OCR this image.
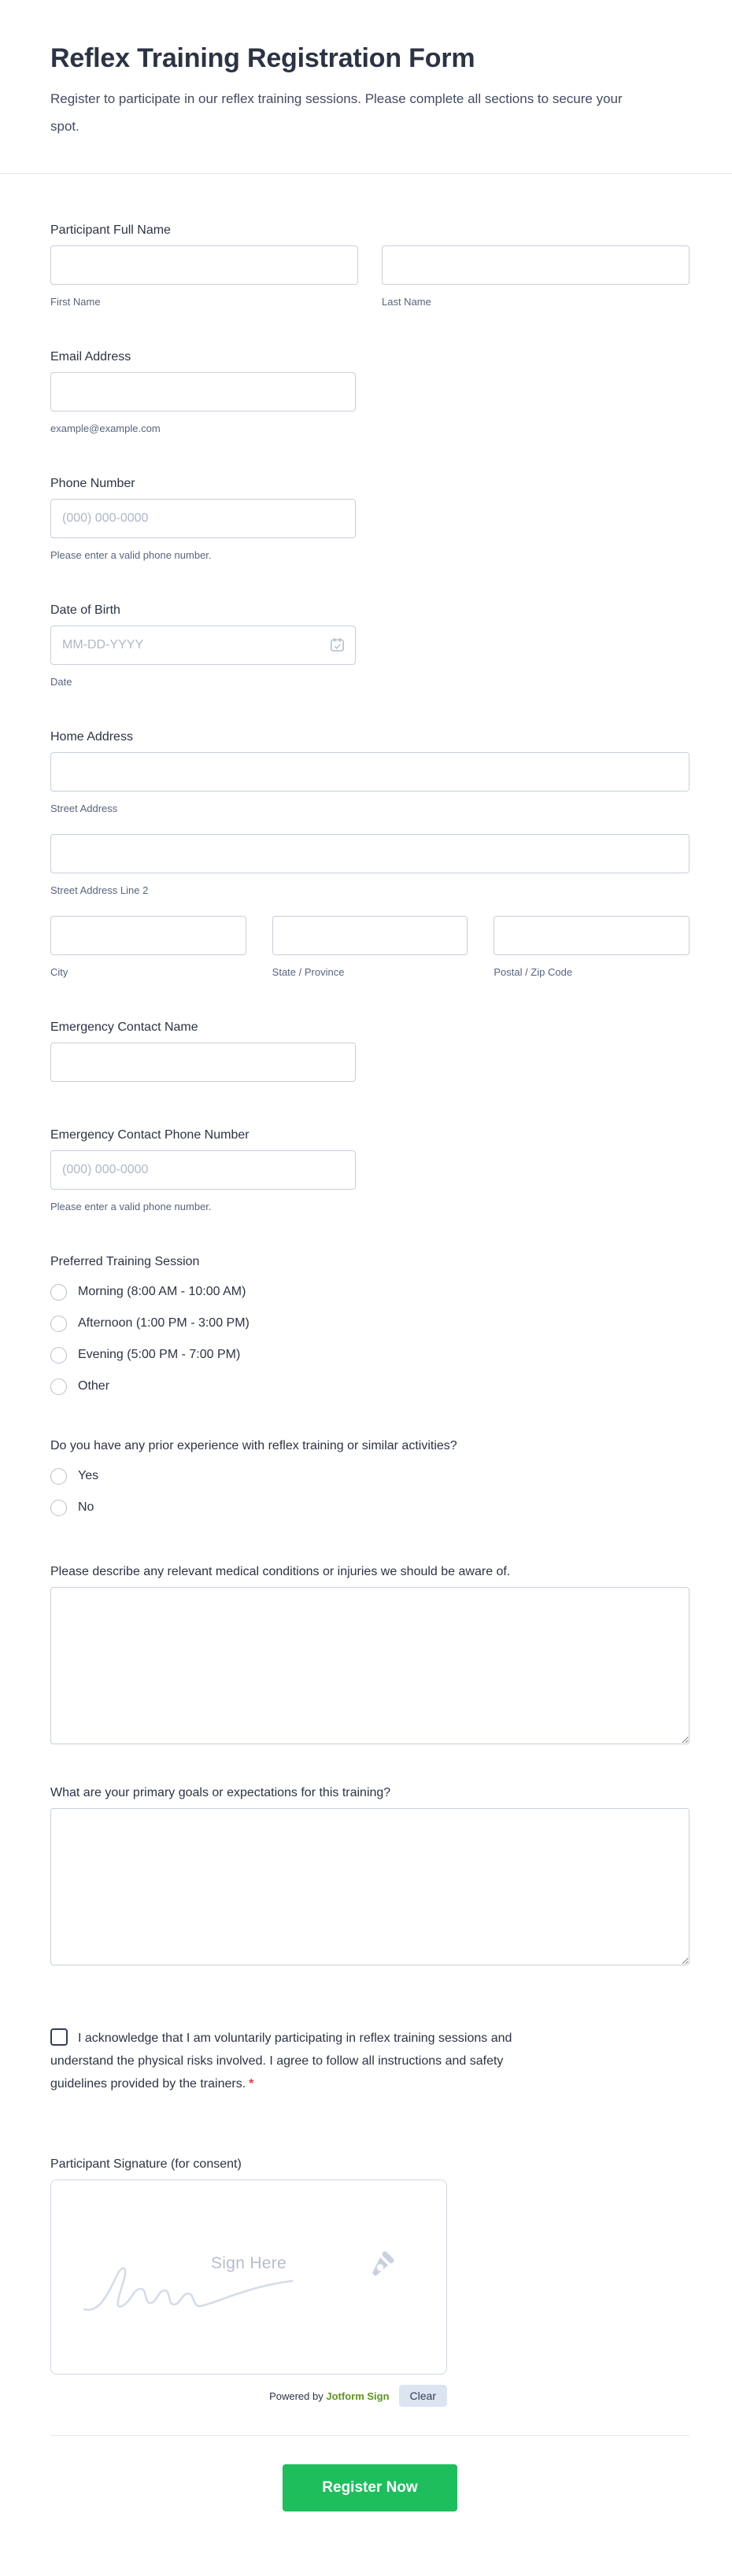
Reflex Training Registration Form

Register to participate in our reflex training sessions. Please complete all sections to secure your spot.

Participant Full Name
First Name	Last Name
Email Address
example@example.com
Phone Number
(000) 000-0000
Please enter a valid phone number.
Date of Birth
MM-DD-YYYY
Date
Home Address
Street Address
Street Address Line 2
City	State / Province	Postal / Zip Code
Emergency Contact Name
Emergency Contact Phone Number
(000) 000-0000
Please enter a valid phone number.
Preferred Training Session
Morning (8:00 AM - 10:00 AM)
Afternoon (1:00 PM - 3:00 PM)
Evening (5:00 PM - 7:00 PM)
Other
Do you have any prior experience with reflex training or similar activities?
Yes
No
Please describe any relevant medical conditions or injuries we should be aware of.
What are your primary goals or expectations for this training?
I acknowledge that I am voluntarily participating in reflex training sessions and understand the physical risks involved. I agree to follow all instructions and safety guidelines provided by the trainers. *
Participant Signature (for consent)
Sign Here
Powered by Jotform Sign	Clear
Register Now
